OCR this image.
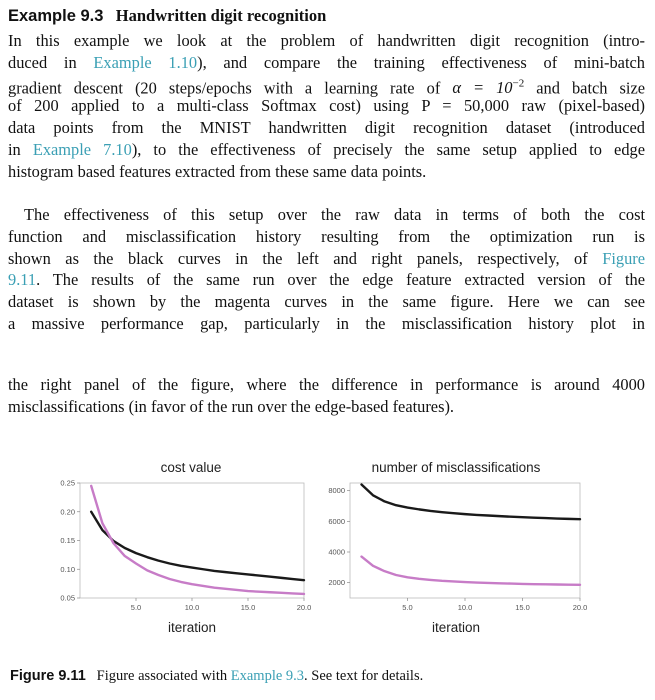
Example 9.3 Handwritten digit recognition
In this example we look at the problem of handwritten digit recognition (intro-
duced in Example 1.10), and compare the training effectiveness of mini-batch
gradient descent (20 steps/epochs with a learning rate of $\alpha = 10^{-2}$ and batch size
of 200 applied to a multi-class Softmax cost) using P = 50,000 raw (pixel-based)
data points from the MNIST handwritten digit recognition dataset (introduced
in Example 7.10), to the effectiveness of precisely the same setup applied to edge
histogram based features extracted from these same data points.
The effectiveness of this setup over the raw data in terms of both the cost
function and misclassification history resulting from the optimization run is
shown as the black curves in the left and right panels, respectively, of Figure
9.11. The results of the same run over the edge feature extracted version of the
dataset is shown by the magenta curves in the same figure. Here we can see
a massive performance gap, particularly in the misclassification history plot in
the right panel of the figure, where the difference in performance is around 4000
misclassifications (in favor of the run over the edge-based features).
cost value
5.0	10.0	15.0	20.0
0.05
0.10
0.15
0.20
0.25
iteration
number of misclassifications
5.0	10.0	15.0	20.0
2000
4000
6000
8000
iteration
Figure 9.11 Figure associated with Example 9.3. See text for details.
